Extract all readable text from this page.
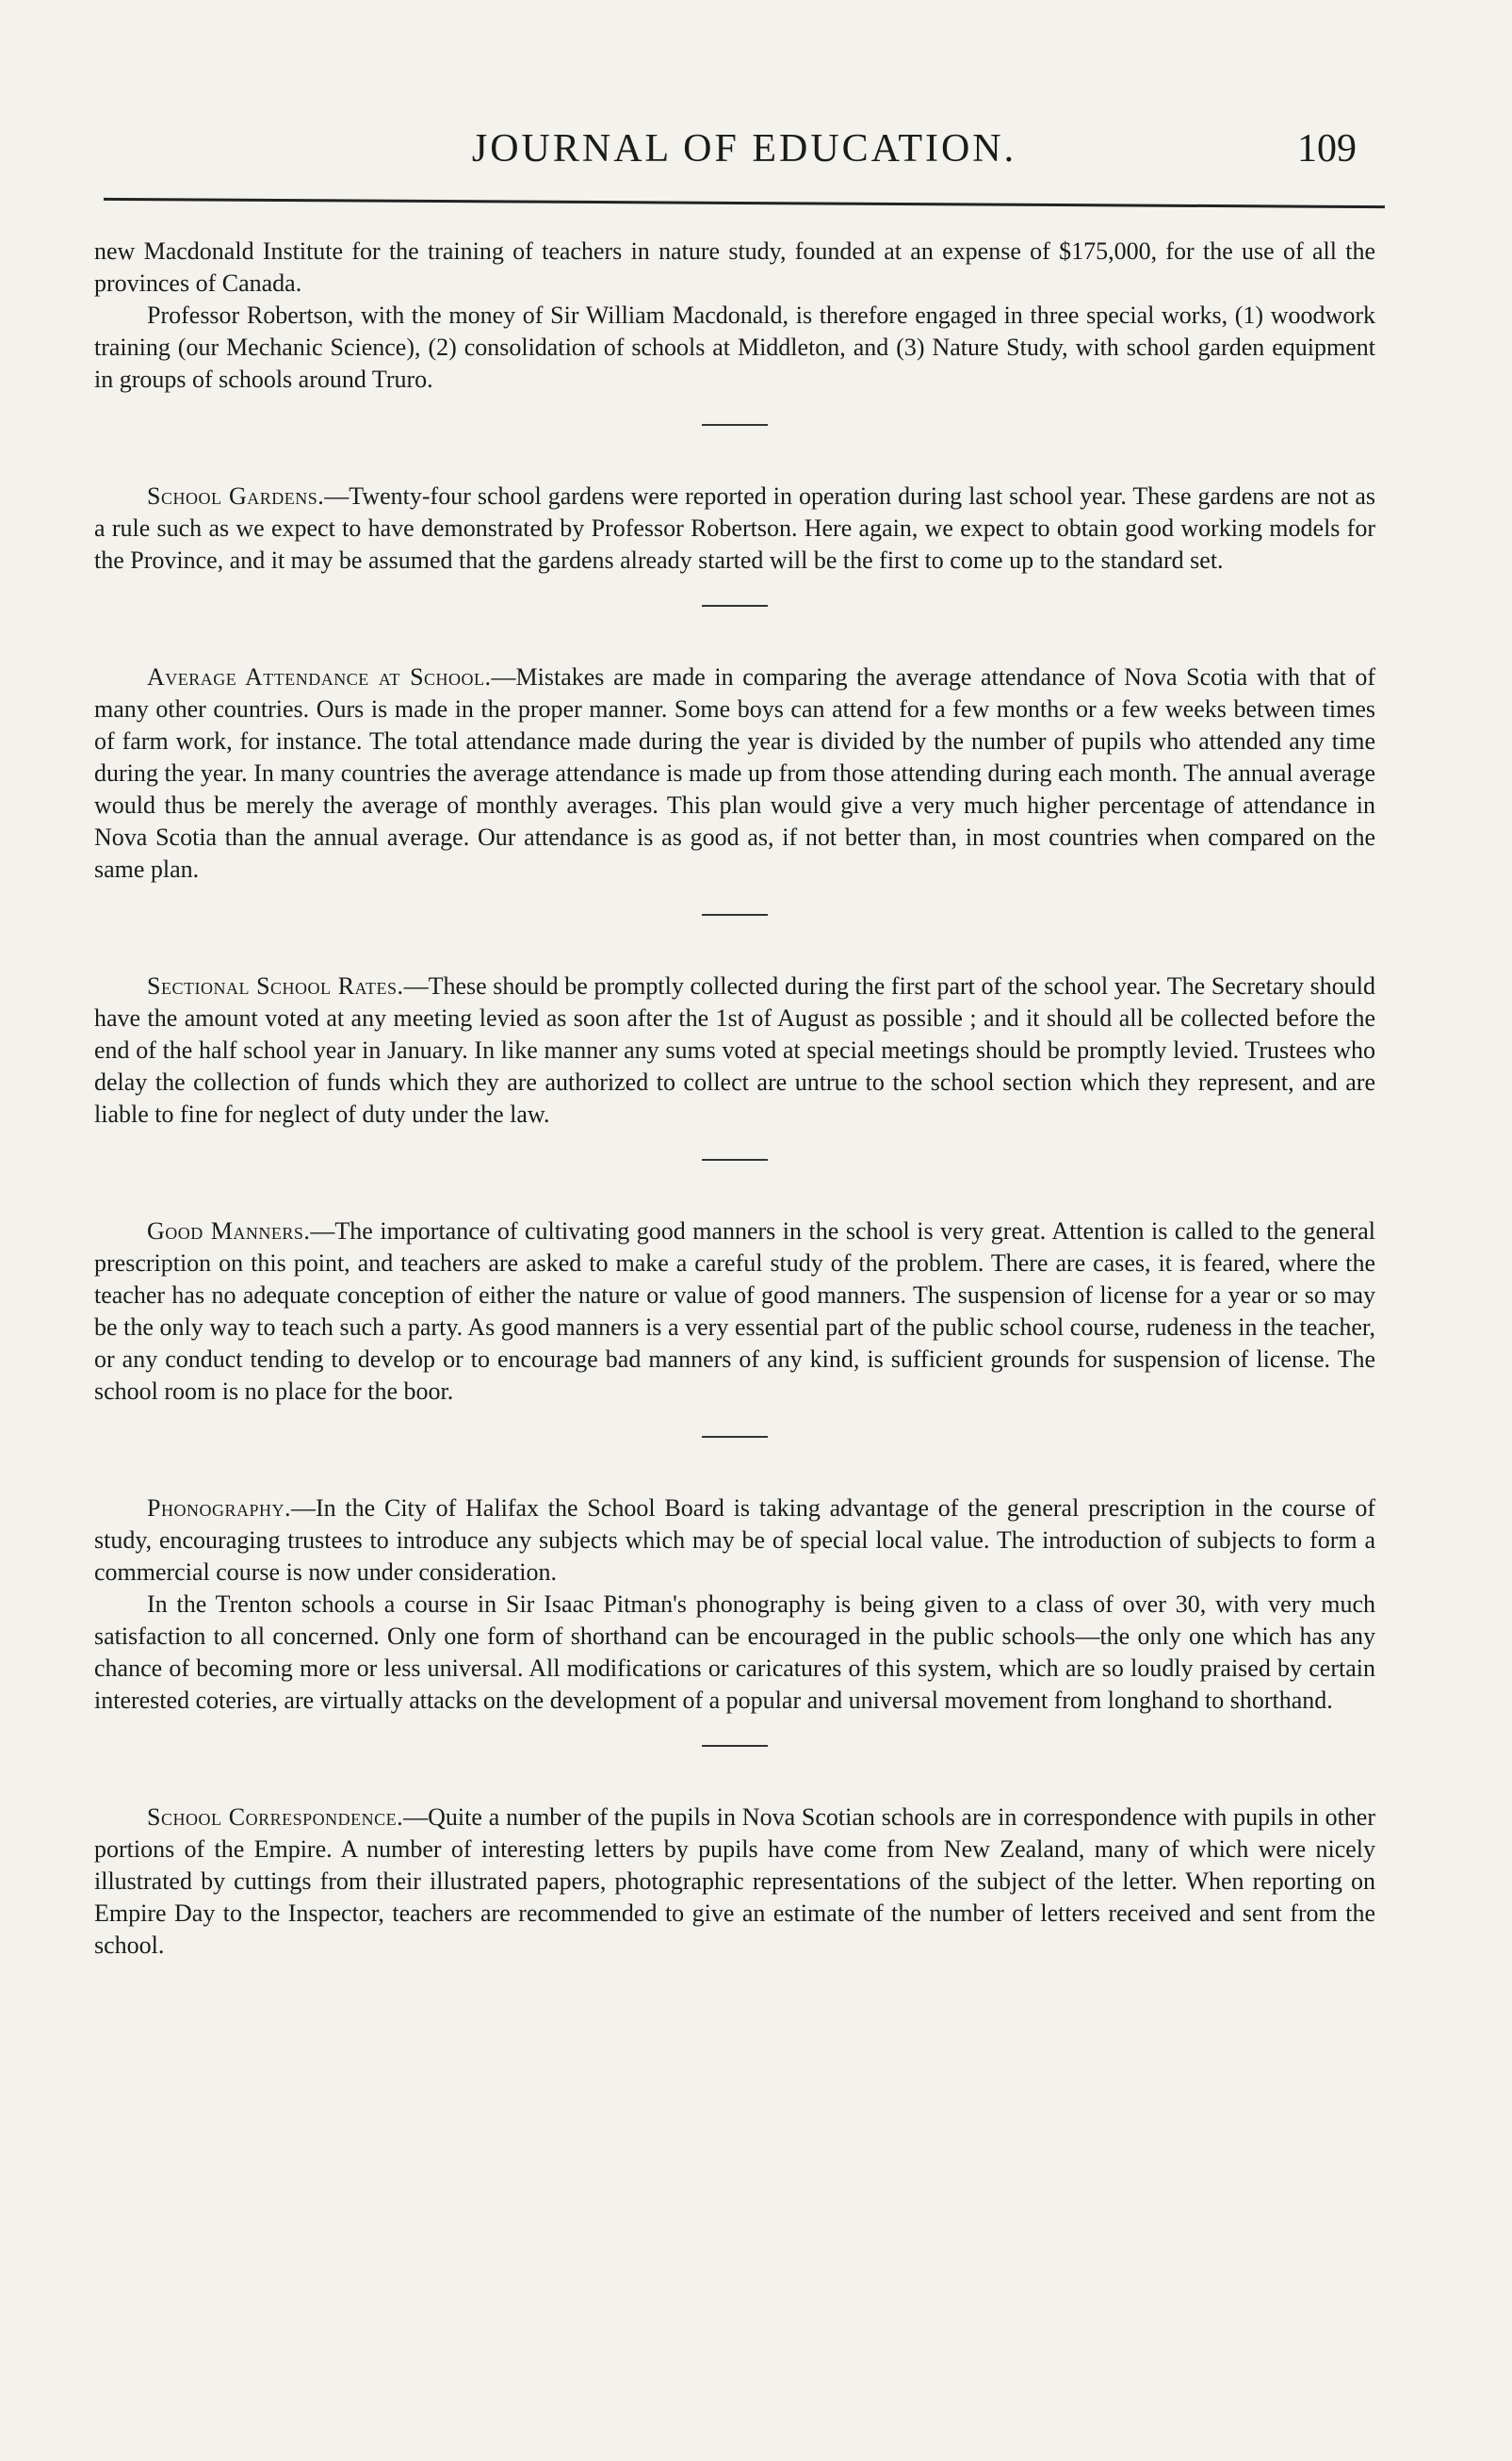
JOURNAL OF EDUCATION.	109

new Macdonald Institute for the training of teachers in nature study, founded at an expense of $175,000, for the use of all the provinces of Canada.

Professor Robertson, with the money of Sir William Macdonald, is therefore engaged in three special works, (1) woodwork training (our Mechanic Science), (2) consolidation of schools at Middleton, and (3) Nature Study, with school garden equipment in groups of schools around Truro.

School Gardens.—Twenty-four school gardens were reported in operation during last school year. These gardens are not as a rule such as we expect to have demonstrated by Professor Robertson. Here again, we expect to obtain good working models for the Province, and it may be assumed that the gardens already started will be the first to come up to the standard set.

Average Attendance at School.—Mistakes are made in comparing the average attendance of Nova Scotia with that of many other countries. Ours is made in the proper manner. Some boys can attend for a few months or a few weeks between times of farm work, for instance. The total attendance made during the year is divided by the number of pupils who attended any time during the year. In many countries the average attendance is made up from those attending during each month. The annual average would thus be merely the average of monthly averages. This plan would give a very much higher percentage of attendance in Nova Scotia than the annual average. Our attendance is as good as, if not better than, in most countries when compared on the same plan.

Sectional School Rates.—These should be promptly collected during the first part of the school year. The Secretary should have the amount voted at any meeting levied as soon after the 1st of August as possible ; and it should all be collected before the end of the half school year in January. In like manner any sums voted at special meetings should be promptly levied. Trustees who delay the collection of funds which they are authorized to collect are untrue to the school section which they represent, and are liable to fine for neglect of duty under the law.

Good Manners.—The importance of cultivating good manners in the school is very great. Attention is called to the general prescription on this point, and teachers are asked to make a careful study of the problem. There are cases, it is feared, where the teacher has no adequate conception of either the nature or value of good manners. The suspension of license for a year or so may be the only way to teach such a party. As good manners is a very essential part of the public school course, rudeness in the teacher, or any conduct tending to develop or to encourage bad manners of any kind, is sufficient grounds for suspension of license. The school room is no place for the boor.

Phonography.—In the City of Halifax the School Board is taking advantage of the general prescription in the course of study, encouraging trustees to introduce any subjects which may be of special local value. The introduction of subjects to form a commercial course is now under consideration.

In the Trenton schools a course in Sir Isaac Pitman's phonography is being given to a class of over 30, with very much satisfaction to all concerned. Only one form of shorthand can be encouraged in the public schools—the only one which has any chance of becoming more or less universal. All modifications or caricatures of this system, which are so loudly praised by certain interested coteries, are virtually attacks on the development of a popular and universal movement from longhand to shorthand.

School Correspondence.—Quite a number of the pupils in Nova Scotian schools are in correspondence with pupils in other portions of the Empire. A number of interesting letters by pupils have come from New Zealand, many of which were nicely illustrated by cuttings from their illustrated papers, photographic representations of the subject of the letter. When reporting on Empire Day to the Inspector, teachers are recommended to give an estimate of the number of letters received and sent from the school.
